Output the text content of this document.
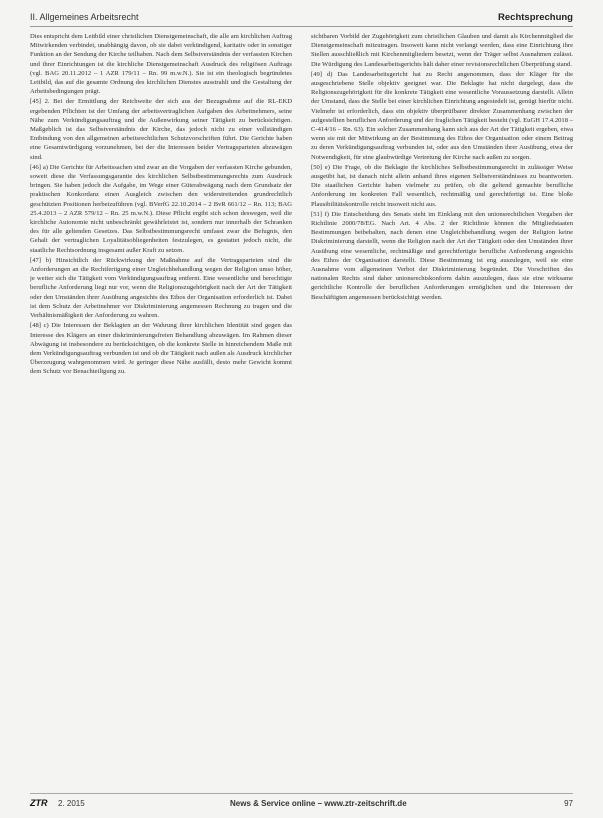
II. Allgemeines Arbeitsrecht	Rechtsprechung

Dies entspricht dem Leitbild einer christlichen Dienstgemeinschaft, die alle am kirchlichen Auftrag Mitwirkenden verbindet, unabhängig davon, ob sie dabei verkündigend, karitativ oder in sonstiger Funktion an der Sendung der Kirche teilhaben. Nach dem Selbstverständnis der verfassten Kirchen und ihrer Einrichtungen ist die kirchliche Dienstgemeinschaft Ausdruck des religiösen Auftrags (vgl. BAG 20.11.2012 – 1 AZR 179/11 – Rn. 99 m.w.N.). Sie ist ein theologisch begründetes Leitbild, das auf die gesamte Ordnung des kirchlichen Dienstes ausstrahlt und die Gestaltung der Arbeitsbedingungen prägt.

[45] 2. Bei der Ermittlung der Reichweite der sich aus der Bezugnahme auf die RL-EKD ergebenden Pflichten ist der Umfang der arbeitsvertraglichen Aufgaben des Arbeitnehmers, seine Nähe zum Verkündigungsauftrag und die Außenwirkung seiner Tätigkeit zu berücksichtigen. Maßgeblich ist das Selbstverständnis der Kirche, das jedoch nicht zu einer vollständigen Entbindung von den allgemeinen arbeitsrechtlichen Schutzvorschriften führt. Die Gerichte haben eine Gesamtwürdigung vorzunehmen, bei der die Interessen beider Vertragsparteien abzuwägen sind.

[46] a) Die Gerichte für Arbeitssachen sind zwar an die Vorgaben der verfassten Kirche gebunden, soweit diese die Verfassungsgarantie des kirchlichen Selbstbestimmungsrechts zum Ausdruck bringen. Sie haben jedoch die Aufgabe, im Wege einer Güterabwägung nach dem Grundsatz der praktischen Konkordanz einen Ausgleich zwischen den widerstreitenden grundrechtlich geschützten Positionen herbeizuführen (vgl. BVerfG 22.10.2014 – 2 BvR 661/12 – Rn. 113; BAG 25.4.2013 – 2 AZR 579/12 – Rn. 25 m.w.N.). Diese Pflicht ergibt sich schon deswegen, weil die kirchliche Autonomie nicht unbeschränkt gewährleistet ist, sondern nur innerhalb der Schranken des für alle geltenden Gesetzes. Das Selbstbestimmungsrecht umfasst zwar die Befugnis, den Gehalt der vertraglichen Loyalitätsobliegenheiten festzulegen, es gestattet jedoch nicht, die staatliche Rechtsordnung insgesamt außer Kraft zu setzen.

[47] b) Hinsichtlich der Rückwirkung der Maßnahme auf die Vertragsparteien sind die Anforderungen an die Rechtfertigung einer Ungleichbehandlung wegen der Religion umso höher, je weiter sich die Tätigkeit vom Verkündigungsauftrag entfernt. Eine wesentliche und berechtigte berufliche Anforderung liegt nur vor, wenn die Religionszugehörigkeit nach der Art der Tätigkeit oder den Umständen ihrer Ausübung angesichts des Ethos der Organisation erforderlich ist. Dabei ist dem Schutz der Arbeitnehmer vor Diskriminierung angemessen Rechnung zu tragen und die Verhältnismäßigkeit der Anforderung zu wahren.

[48] c) Die Interessen der Beklagten an der Wahrung ihrer kirchlichen Identität sind gegen das Interesse des Klägers an einer diskriminierungsfreien Behandlung abzuwägen. Im Rahmen dieser Abwägung ist insbesondere zu berücksichtigen, ob die konkrete Stelle in hinreichendem Maße mit dem Verkündigungsauftrag verbunden ist und ob die Tätigkeit nach außen als Ausdruck kirchlicher Überzeugung wahrgenommen wird. Je geringer diese Nähe ausfällt, desto mehr Gewicht kommt dem Schutz vor Benachteiligung zu.

sichtbaren Vorbild der Zugehörigkeit zum christlichen Glauben und damit als Kirchenmitglied die Dienstgemeinschaft mitzutragen. Insoweit kann nicht verlangt werden, dass eine Einrichtung ihre Stellen ausschließlich mit Kirchenmitgliedern besetzt, wenn der Träger selbst Ausnahmen zulässt. Die Würdigung des Landesarbeitsgerichts hält daher einer revisionsrechtlichen Überprüfung stand.

[49] d) Das Landesarbeitsgericht hat zu Recht angenommen, dass der Kläger für die ausgeschriebene Stelle objektiv geeignet war. Die Beklagte hat nicht dargelegt, dass die Religionszugehörigkeit für die konkrete Tätigkeit eine wesentliche Voraussetzung darstellt. Allein der Umstand, dass die Stelle bei einer kirchlichen Einrichtung angesiedelt ist, genügt hierfür nicht. Vielmehr ist erforderlich, dass ein objektiv überprüfbarer direkter Zusammenhang zwischen der aufgestellten beruflichen Anforderung und der fraglichen Tätigkeit besteht (vgl. EuGH 17.4.2018 – C-414/16 – Rn. 63). Ein solcher Zusammenhang kann sich aus der Art der Tätigkeit ergeben, etwa wenn sie mit der Mitwirkung an der Bestimmung des Ethos der Organisation oder einem Beitrag zu deren Verkündigungsauftrag verbunden ist, oder aus den Umständen ihrer Ausübung, etwa der Notwendigkeit, für eine glaubwürdige Vertretung der Kirche nach außen zu sorgen.

[50] e) Die Frage, ob die Beklagte ihr kirchliches Selbstbestimmungsrecht in zulässiger Weise ausgeübt hat, ist danach nicht allein anhand ihres eigenen Selbstverständnisses zu beantworten. Die staatlichen Gerichte haben vielmehr zu prüfen, ob die geltend gemachte berufliche Anforderung im konkreten Fall wesentlich, rechtmäßig und gerechtfertigt ist. Eine bloße Plausibilitätskontrolle reicht insoweit nicht aus.

[51] f) Die Entscheidung des Senats steht im Einklang mit den unionsrechtlichen Vorgaben der Richtlinie 2000/78/EG. Nach Art. 4 Abs. 2 der Richtlinie können die Mitgliedstaaten Bestimmungen beibehalten, nach denen eine Ungleichbehandlung wegen der Religion keine Diskriminierung darstellt, wenn die Religion nach der Art der Tätigkeit oder den Umständen ihrer Ausübung eine wesentliche, rechtmäßige und gerechtfertigte berufliche Anforderung angesichts des Ethos der Organisation darstellt. Diese Bestimmung ist eng auszulegen, weil sie eine Ausnahme vom allgemeinen Verbot der Diskriminierung begründet. Die Vorschriften des nationalen Rechts sind daher unionsrechtskonform dahin auszulegen, dass sie eine wirksame gerichtliche Kontrolle der beruflichen Anforderungen ermöglichen und die Interessen der Beschäftigten angemessen berücksichtigt werden.

ZTR 2. 2015	News & Service online – www.ztr-zeitschrift.de	97
